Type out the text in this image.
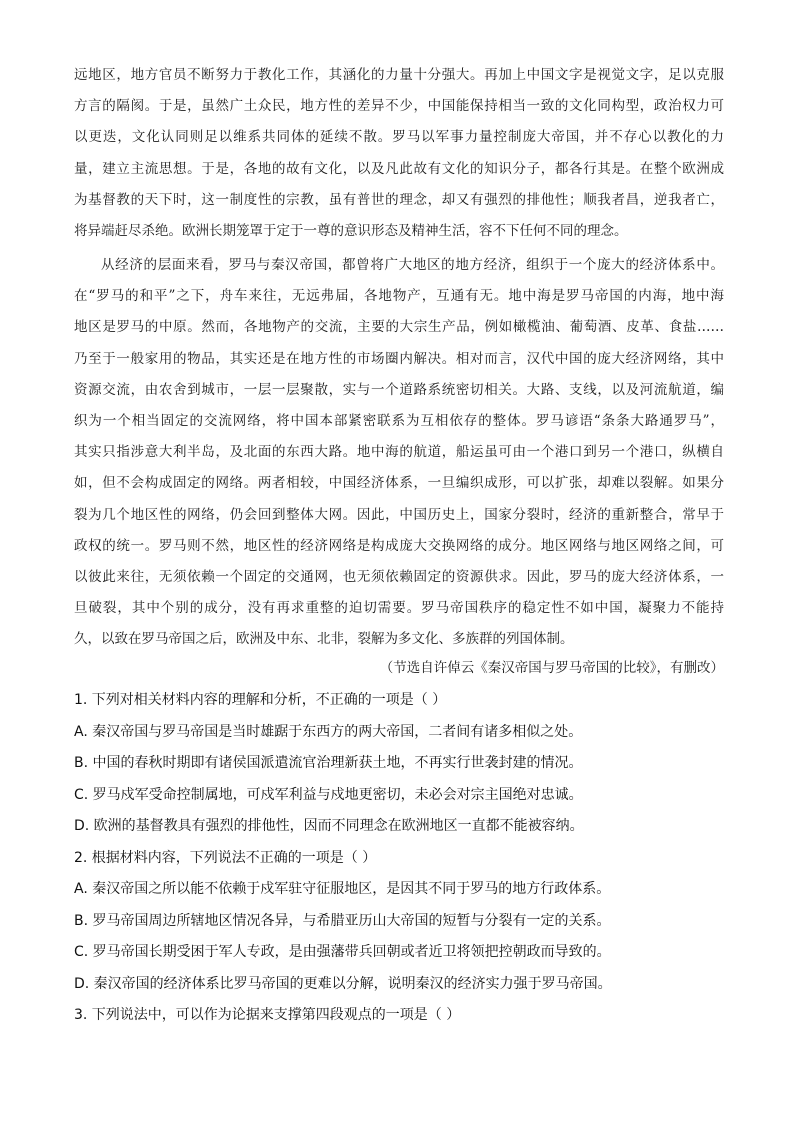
远地区，地方官员不断努力于教化工作，其涵化的力量十分强大。再加上中国文字是视觉文字，足以克服
方言的隔阂。于是，虽然广土众民，地方性的差异不少，中国能保持相当一致的文化同构型，政治权力可
以更迭，文化认同则足以维系共同体的延续不散。罗马以军事力量控制庞大帝国，并不存心以教化的力
量，建立主流思想。于是，各地的故有文化，以及凡此故有文化的知识分子，都各行其是。在整个欧洲成
为基督教的天下时，这一制度性的宗教，虽有普世的理念，却又有强烈的排他性；顺我者昌，逆我者亡，
将异端赶尽杀绝。欧洲长期笼罩于定于一尊的意识形态及精神生活，容不下任何不同的理念。
从经济的层面来看，罗马与秦汉帝国，都曾将广大地区的地方经济，组织于一个庞大的经济体系中。
在“罗马的和平”之下，舟车来往，无远弗届，各地物产，互通有无。地中海是罗马帝国的内海，地中海
地区是罗马的中原。然而，各地物产的交流，主要的大宗生产品，例如橄榄油、葡萄酒、皮革、食盐……
乃至于一般家用的物品，其实还是在地方性的市场圈内解决。相对而言，汉代中国的庞大经济网络，其中
资源交流，由农舍到城市，一层一层聚散，实与一个道路系统密切相关。大路、支线，以及河流航道，编
织为一个相当固定的交流网络，将中国本部紧密联系为互相依存的整体。罗马谚语“条条大路通罗马”，
其实只指涉意大利半岛，及北面的东西大路。地中海的航道，船运虽可由一个港口到另一个港口，纵横自
如，但不会构成固定的网络。两者相较，中国经济体系，一旦编织成形，可以扩张，却难以裂解。如果分
裂为几个地区性的网络，仍会回到整体大网。因此，中国历史上，国家分裂时，经济的重新整合，常早于
政权的统一。罗马则不然，地区性的经济网络是构成庞大交换网络的成分。地区网络与地区网络之间，可
以彼此来往，无须依赖一个固定的交通网，也无须依赖固定的资源供求。因此，罗马的庞大经济体系，一
旦破裂，其中个别的成分，没有再求重整的迫切需要。罗马帝国秩序的稳定性不如中国，凝聚力不能持
久，以致在罗马帝国之后，欧洲及中东、北非，裂解为多文化、多族群的列国体制。
（节选自许倬云《秦汉帝国与罗马帝国的比较》，有删改）
1. 下列对相关材料内容的理解和分析，不正确的一项是（ ）
A. 秦汉帝国与罗马帝国是当时雄踞于东西方的两大帝国，二者间有诸多相似之处。
B. 中国的春秋时期即有诸侯国派遣流官治理新获土地，不再实行世袭封建的情况。
C. 罗马戍军受命控制属地，可戍军利益与戍地更密切，未必会对宗主国绝对忠诚。
D. 欧洲的基督教具有强烈的排他性，因而不同理念在欧洲地区一直都不能被容纳。
2. 根据材料内容，下列说法不正确的一项是（ ）
A. 秦汉帝国之所以能不依赖于戍军驻守征服地区，是因其不同于罗马的地方行政体系。
B. 罗马帝国周边所辖地区情况各异，与希腊亚历山大帝国的短暂与分裂有一定的关系。
C. 罗马帝国长期受困于军人专政，是由强藩带兵回朝或者近卫将领把控朝政而导致的。
D. 秦汉帝国的经济体系比罗马帝国的更难以分解，说明秦汉的经济实力强于罗马帝国。
3. 下列说法中，可以作为论据来支撑第四段观点的一项是（ ）
